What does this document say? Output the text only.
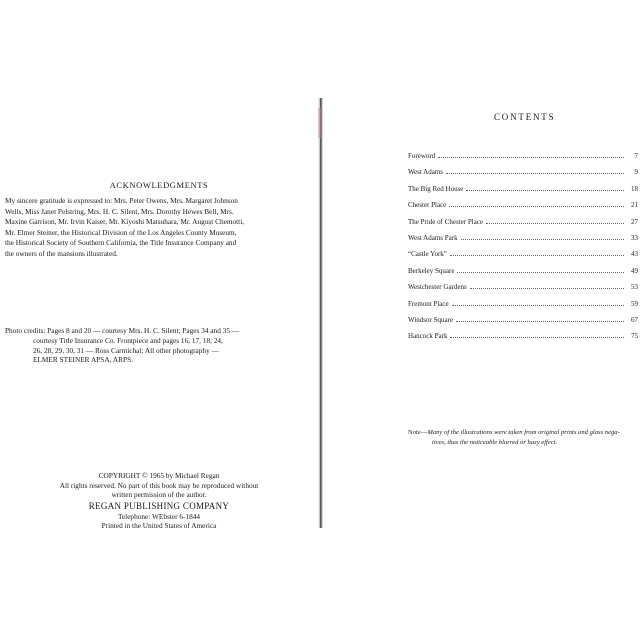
ACKNOWLEDGMENTS
My sincere gratitude is expressed to: Mrs. Peter Owens, Mrs. Margaret Johnson
Wells, Miss Janet Pelstring, Mrs. H. C. Silent, Mrs. Dorothy Hewes Bell, Mrs.
Maxine Garrison, Mr. Irvin Kaiser, Mr. Kiyoshi Matsuhara, Mr. August Chemotti,
Mr. Elmer Steiner, the Historical Division of the Los Angeles County Museum,
the Historical Society of Southern California, the Title Insurance Company and
the owners of the mansions illustrated.
Photo credits: Pages 8 and 20 — courtesy Mrs. H. C. Silent; Pages 34 and 35 —
courtesy Title Insurance Co. Frontpiece and pages 16, 17, 18, 24,
26, 28, 29, 30, 31 — Ross Carmichal; All other photography —
ELMER STEINER APSA, ARPS.
COPYRIGHT © 1965 by Michael Regan
All rights reserved. No part of this book may be reproduced without
written permission of the author.
REGAN PUBLISHING COMPANY
Telephone: WEbster 6-1844
Printed in the United States of America
CONTENTS
Foreword	7
West Adams	9
The Big Red House	18
Chester Place	21
The Pride of Chester Place	27
West Adams Park	33
“Castle York”	43
Berkeley Square	49
Westchester Gardens	53
Fremont Place	59
Windsor Square	67
Hancock Park	75
Note—Many of the illustrations were taken from original prints and glass nega-
tives, thus the noticeable blurred or hazy effect.
